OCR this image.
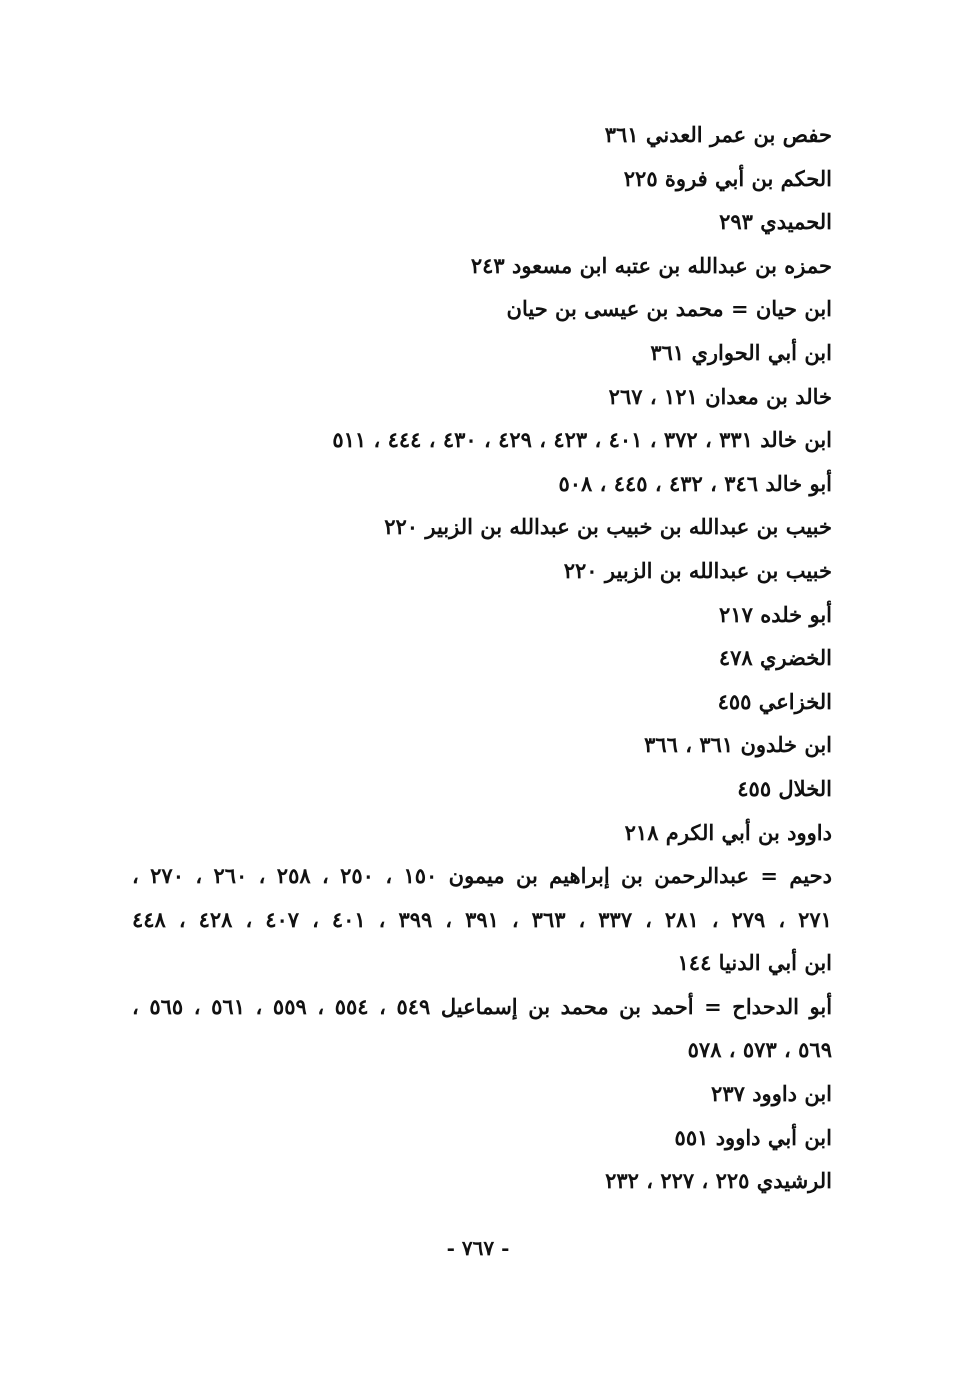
حفص بن عمر العدني ٣٦١
الحكم بن أبي فروة ٢٢٥
الحميدي ٢٩٣
حمزه بن عبدالله بن عتبه ابن مسعود ٢٤٣
ابن حيان = محمد بن عيسى بن حيان
ابن أبي الحواري ٣٦١
خالد بن معدان ١٢١ ، ٢٦٧
ابن خالد ٣٣١ ، ٣٧٢ ، ٤٠١ ، ٤٢٣ ، ٤٢٩ ، ٤٣٠ ، ٤٤٤ ، ٥١١
أبو خالد ٣٤٦ ، ٤٣٢ ، ٤٤٥ ، ٥٠٨
خبيب بن عبدالله بن خبيب بن عبدالله بن الزبير ٢٢٠
خبيب بن عبدالله بن الزبير ٢٢٠
أبو خلده ٢١٧
الخضري ٤٧٨
الخزاعي ٤٥٥
ابن خلدون ٣٦١ ، ٣٦٦
الخلال ٤٥٥
داوود بن أبي الكرم ٢١٨
دحيم = عبدالرحمن بن إبراهيم بن ميمون ١٥٠ ، ٢٥٠ ، ٢٥٨ ، ٢٦٠ ، ٢٧٠ ،
٢٧١ ، ٢٧٩ ، ٢٨١ ، ٣٣٧ ، ٣٦٣ ، ٣٩١ ، ٣٩٩ ، ٤٠١ ، ٤٠٧ ، ٤٢٨ ، ٤٤٨
ابن أبي الدنيا ١٤٤
أبو الدحداح = أحمد بن محمد بن إسماعيل ٥٤٩ ، ٥٥٤ ، ٥٥٩ ، ٥٦١ ، ٥٦٥ ،
٥٦٩ ، ٥٧٣ ، ٥٧٨
ابن داوود ٢٣٧
ابن أبي داوود ٥٥١
الرشيدي ٢٢٥ ، ٢٢٧ ، ٢٣٢
- ٧٦٧ -
